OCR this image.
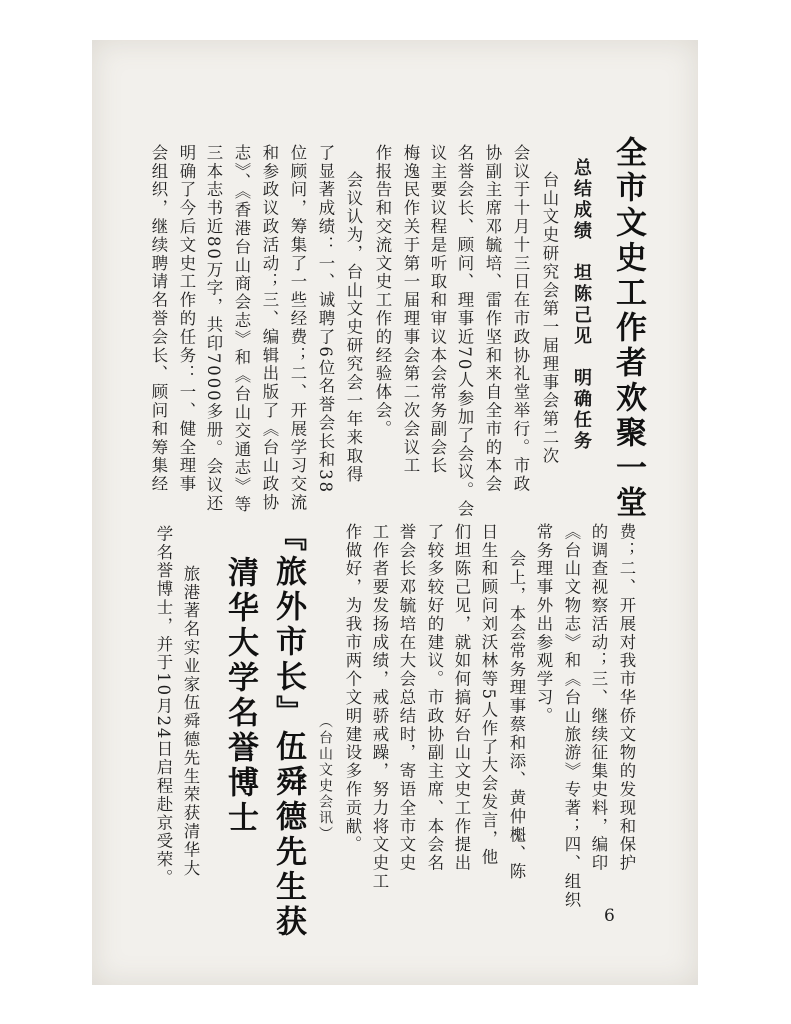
全市文史工作者欢聚一堂
总结成绩　坦陈己见　明确任务
台山文史研究会第一届理事会第二次
会议于十月十三日在市政协礼堂举行。市政
协副主席邓毓培、雷作坚和来自全市的本会
名誉会长、顾问、理事近70人参加了会议。会
议主要议程是听取和审议本会常务副会长
梅逸民作关于第一届理事会第二次会议工
作报告和交流文史工作的经验体会。
会议认为，台山文史研究会一年来取得
了显著成绩：一、诚聘了6位名誉会长和38
位顾问，筹集了一些经费；二、开展学习交流
和参政议政活动；三、编辑出版了《台山政协
志》、《香港台山商会志》和《台山交通志》等
三本志书近80万字，共印7000多册。会议还
明确了今后文史工作的任务：一、健全理事
会组织，继续聘请名誉会长、顾问和筹集经
费；二、开展对我市华侨文物的发现和保护
的调查视察活动；三、继续征集史料，编印
《台山文物志》和《台山旅游》专著；四、组织
常务理事外出参观学习。
会上，本会常务理事蔡和添、黄仲櫆、陈
日生和顾问刘沃林等5人作了大会发言，他
们坦陈己见，就如何搞好台山文史工作提出
了较多较好的建议。市政协副主席、本会名
誉会长邓毓培在大会总结时，寄语全市文史
工作者要发扬成绩，戒骄戒躁，努力将文史工
作做好，为我市两个文明建设多作贡献。
（台山文史会讯）
『旅外市长』伍舜德先生获
清华大学名誉博士
旅港著名实业家伍舜德先生荣获清华大
学名誉博士，并于10月24日启程赴京受荣。
6
